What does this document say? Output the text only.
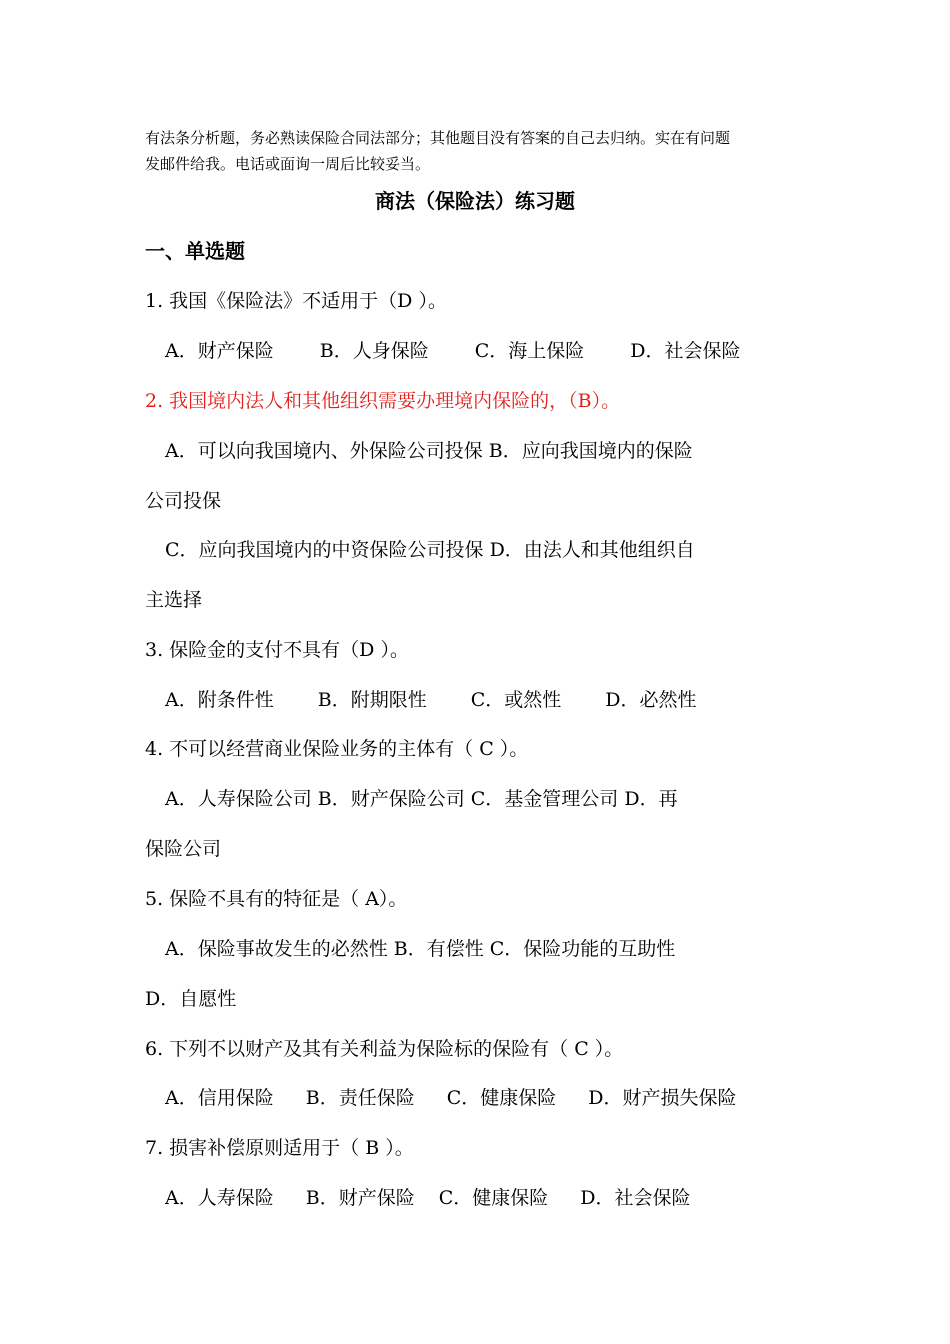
有法条分析题，务必熟读保险合同法部分；其他题目没有答案的自己去归纳。实在有问题

发邮件给我。电话或面询一周后比较妥当。

商法（保险法）练习题
一、单选题

1. 我国《保险法》不适用于（D ）。

A．财产保险 B．人身保险 C．海上保险 D．社会保险

2. 我国境内法人和其他组织需要办理境内保险的，（B）。

A．可以向我国境内、外保险公司投保 B．应向我国境内的保险

公司投保

C．应向我国境内的中资保险公司投保 D．由法人和其他组织自

主选择

3. 保险金的支付不具有（D ）。

A．附条件性 B．附期限性 C．或然性 D．必然性

4. 不可以经营商业保险业务的主体有（ C ）。

A．人寿保险公司 B．财产保险公司 C．基金管理公司 D．再

保险公司

5. 保险不具有的特征是（ A）。

A．保险事故发生的必然性 B．有偿性 C．保险功能的互助性

D．自愿性

6. 下列不以财产及其有关利益为保险标的保险有（ C ）。

A．信用保险 B．责任保险 C．健康保险 D．财产损失保险

7. 损害补偿原则适用于（ B ）。

A．人寿保险 B．财产保险 C．健康保险 D．社会保险
